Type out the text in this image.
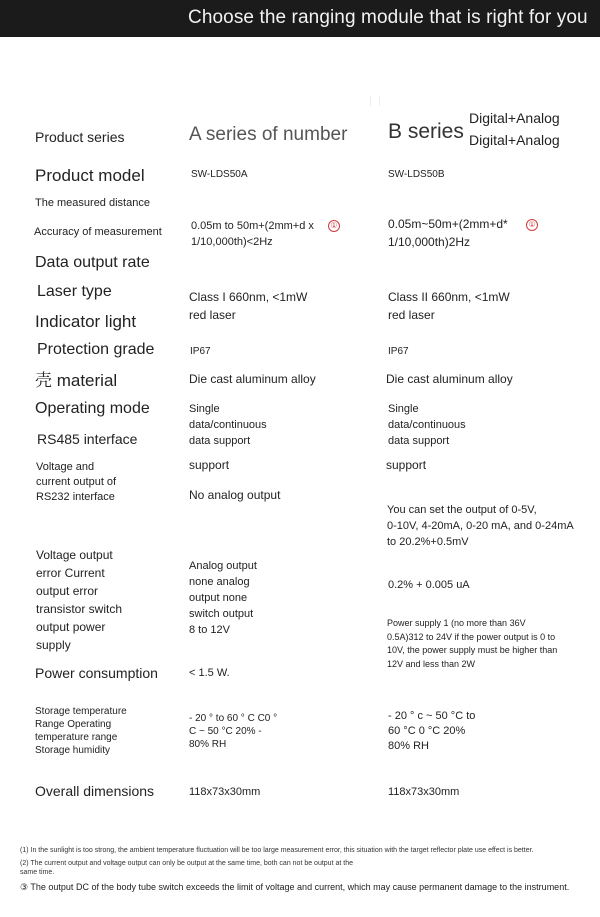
Choose the ranging module that is right for you
Product series
Product model
The measured distance
Accuracy of measurement
Data output rate
Laser type
Indicator light
Protection grade
壳 material
Operating mode
RS485 interface
Voltage and
current output of
RS232 interface
Voltage output
error Current
output error
transistor switch
output power
supply
Power consumption
Storage temperature
Range Operating
temperature range
Storage humidity
Overall dimensions
A series of number
SW-LDS50A
0.05m to 50m+(2mm+d x
1/10,000th)<2Hz
①
Class I 660nm, <1mW
red laser
IP67
Die cast aluminum alloy
Single
data/continuous
data support
support
No analog output
Analog output
none analog
output none
switch output
8 to 12V
< 1.5 W.
- 20 ° to 60 ° C C0 °
C ~ 50 °C 20% -
80% RH
118x73x30mm
B series
Digital+Analog
Digital+Analog
SW-LDS50B
0.05m~50m+(2mm+d*
1/10,000th)2Hz
①
Class II 660nm, <1mW
red laser
IP67
Die cast aluminum alloy
Single
data/continuous
data support
support
You can set the output of 0-5V,
0-10V, 4-20mA, 0-20 mA, and 0-24mA
to 20.2%+0.5mV
0.2% + 0.005 uA
Power supply 1 (no more than 36V
0.5A)312 to 24V if the power output is 0 to
10V, the power supply must be higher than
12V and less than 2W
- 20 ° c ~ 50 °C to
60 °C 0 °C 20%
80% RH
118x73x30mm
(1) In the sunlight is too strong, the ambient temperature fluctuation will be too large measurement error, this situation with the target reflector plate use effect is better.
(2) The current output and voltage output can only be output at the same time, both can not be output at the
same time.
③ The output DC of the body tube switch exceeds the limit of voltage and current, which may cause permanent damage to the instrument.
